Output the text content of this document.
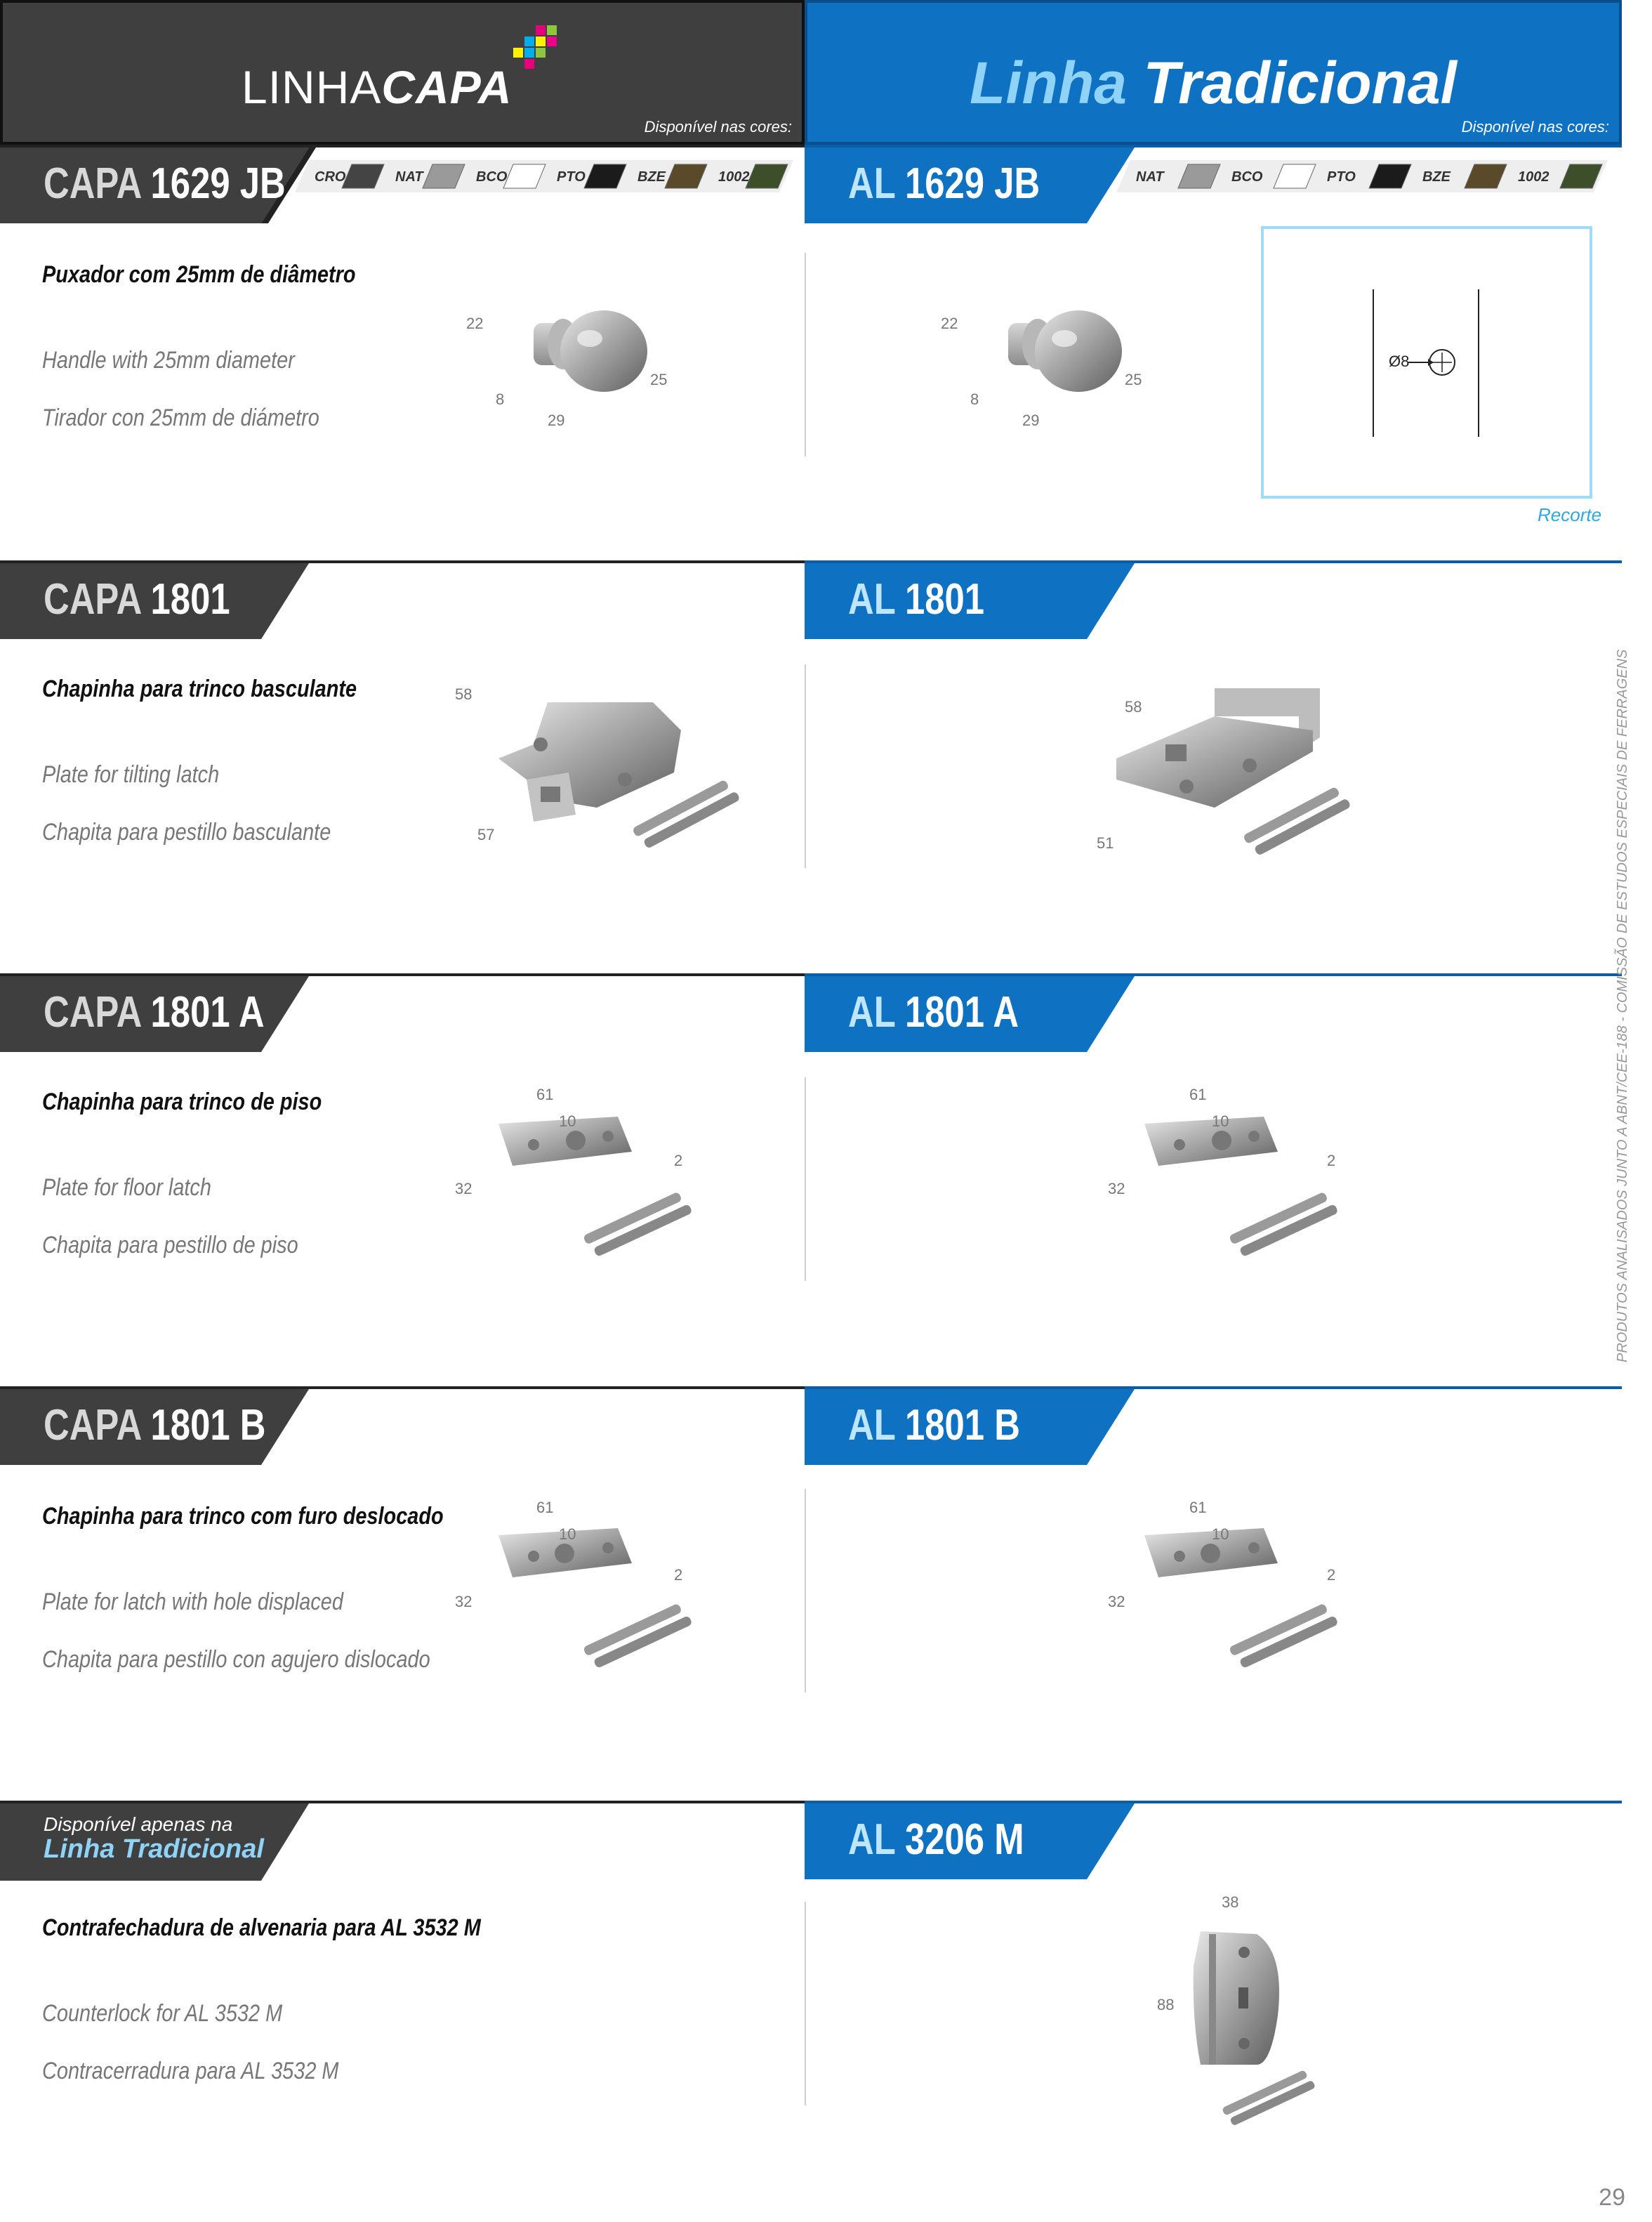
LINHACAPA
Disponível nas cores:
Linha Tradicional
Disponível nas cores:
CRO	NAT	BCO	PTO	BZE	1002	NAT	BCO	PTO	BZE	1002
CAPA 1629 JB	AL 1629 JB
CAPA 1801	AL 1801
CAPA 1801 A	AL 1801 A
CAPA 1801 B	AL 1801 B
Disponível apenas na
Linha Tradicional	AL 3206 M
Puxador com 25mm de diâmetro
Handle with 25mm diameter
Tirador con 25mm de diámetro
Chapinha para trinco basculante
Plate for tilting latch
Chapita para pestillo basculante
Chapinha para trinco de piso
Plate for floor latch
Chapita para pestillo de piso
Chapinha para trinco com furo deslocado
Plate for latch with hole displaced
Chapita para pestillo con agujero dislocado
Contrafechadura de alvenaria para AL 3532 M
Counterlock for AL 3532 M
Contracerradura para AL 3532 M
22
25
8
29
22
25
8
29
Ø8
Recorte
58
57
58
51
61
10
2
32
61
10
2
32
61
10
2
32
61
10
2
32
38
88
PRODUTOS ANALISADOS JUNTO A ABNT/CEE-188 - COMISSÃO DE ESTUDOS ESPECIAIS DE FERRAGENS
29
